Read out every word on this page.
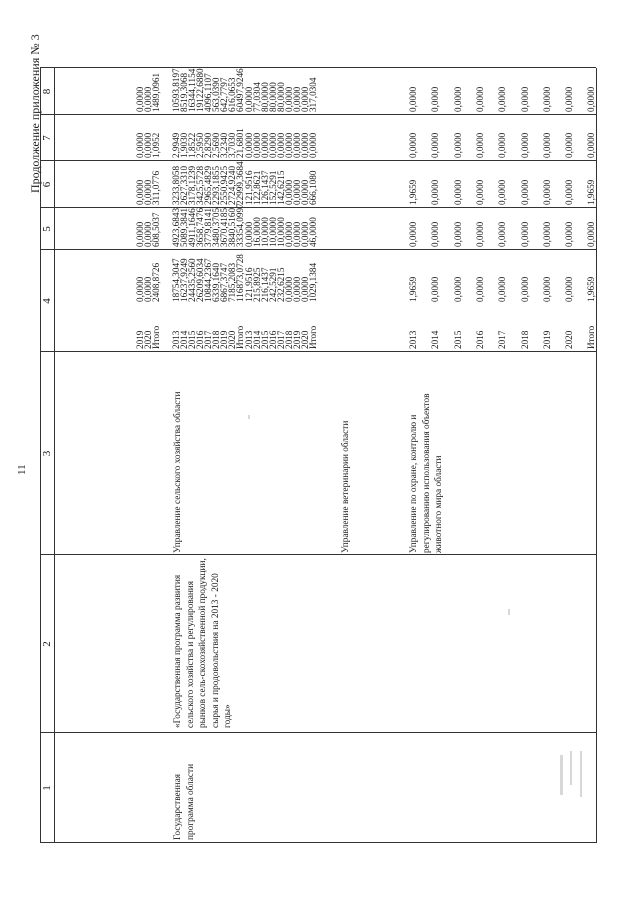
11
Продолжение приложения № 3
1
2
3
4
5
6
7
8
Государственная программа области
«Государственная программа развития сельского хозяйства и регулирования рынков сель-скохозяйственной продукции, сырья и продовольствия на 2013 - 2020 годы»
Управление сельского хозяйства области	Управление ветеринарии области	Управление по охране, контролю и регулированию использования объектов животного мира области
2019
2020
Итого
0,0000
0,0000
2408,8726
0,0000
0,0000
608,5037
0,0000
0,0000
311,0776
0,0000
0,0000
1,0952
0,0000
0,0000
1489,0961
2013
2014
2015
2016
2017
2018
2019
2020
Итого
18754,3047
16237,9249
24435,2560
26209,6034
10844,2367
6339,1640
6867,3747
7185,2083
116873,0728
4923,6843
5089,3841
4911,1646
3658,7476
3779,8141
3480,3705
3670,4185
3840,5160
33354,0997
3233,8058
2627,3310
3178,1239
3425,5728
2965,4829
2293,1855
2550,9425
2724,9240
22999,3684
2,9949
1,9030
1,8522
2,5950
2,8290
2,5690
3,2340
3,7030
21,6801
10593,8197
8519,3068
16344,1154
19122,6880
4096,1107
563,0390
642,7797
616,0653
60497,9246
2013
2014
2015
2016
2017
2018
2019
2020
Итого
121,9516
215,8925
216,1437
242,5291
232,6215
0,0000
0,0000
0,0000
1029,1384
0,0000
16,0000
10,0000
10,0000
10,0000
0,0000
0,0000
0,0000
46,0000
121,9516
122,8621
126,1437
152,5291
142,6215
0,0000
0,0000
0,0000
666,1080
0,0000
0,0000
0,0000
0,0000
0,0000
0,0000
0,0000
0,0000
0,0000
0,0000
77,0304
80,0000
80,0000
80,0000
0,0000
0,0000
0,0000
317,0304
2013
1,9659
0,0000
1,9659
0,0000
0,0000
2014
0,0000
0,0000
0,0000
0,0000
0,0000
2015
0,0000
0,0000
0,0000
0,0000
0,0000
2016
0,0000
0,0000
0,0000
0,0000
0,0000
2017
0,0000
0,0000
0,0000
0,0000
0,0000
2018
0,0000
0,0000
0,0000
0,0000
0,0000
2019
0,0000
0,0000
0,0000
0,0000
0,0000
2020
0,0000
0,0000
0,0000
0,0000
0,0000
Итого
1,9659
0,0000
1,9659
0,0000
0,0000
